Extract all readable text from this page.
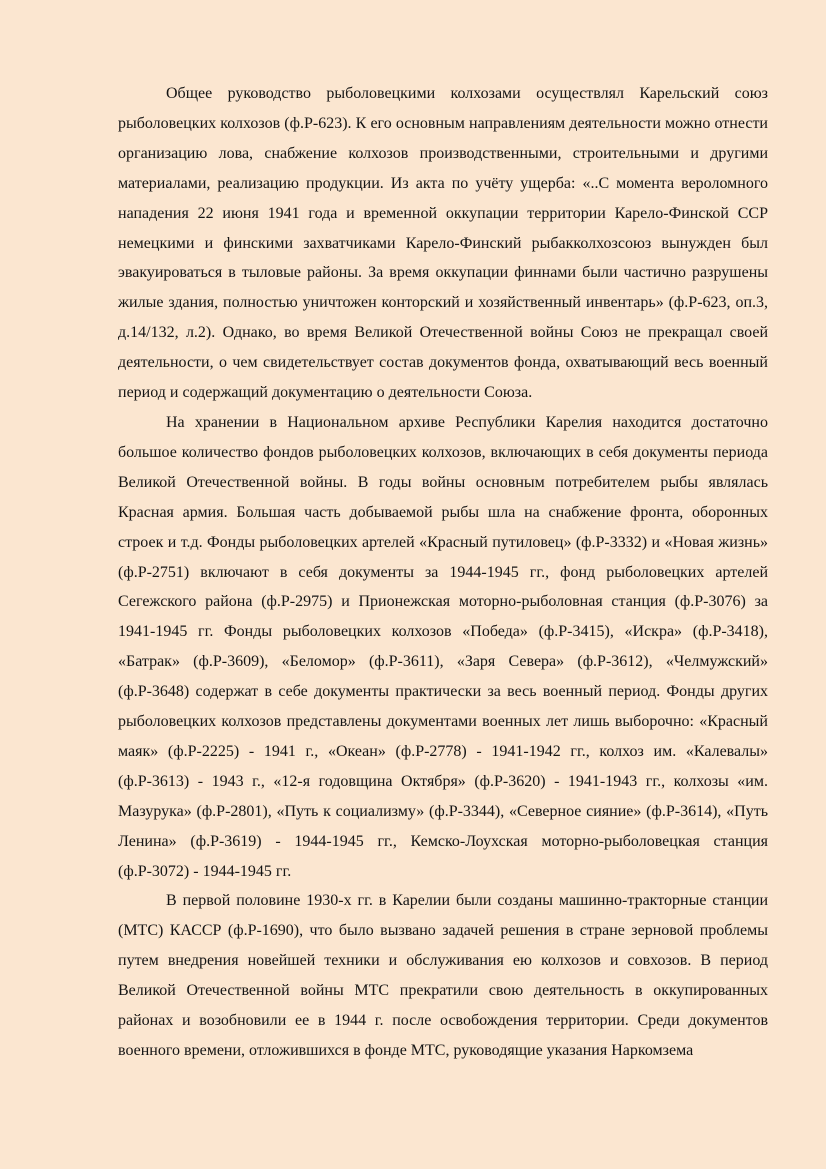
Общее руководство рыболовецкими колхозами осуществлял Карельский союз рыболовецких колхозов (ф.Р-623). К его основным направлениям деятельности можно отнести организацию лова, снабжение колхозов производственными, строительными и другими материалами, реализацию продукции. Из акта по учёту ущерба: «..С момента вероломного нападения 22 июня 1941 года и временной оккупации территории Карело-Финской ССР немецкими и финскими захватчиками Карело-Финский рыбакколхозсоюз вынужден был эвакуироваться в тыловые районы. За время оккупации финнами были частично разрушены жилые здания, полностью уничтожен конторский и хозяйственный инвентарь» (ф.Р-623, оп.3, д.14/132, л.2). Однако, во время Великой Отечественной войны Союз не прекращал своей деятельности, о чем свидетельствует состав документов фонда, охватывающий весь военный период и содержащий документацию о деятельности Союза.

На хранении в Национальном архиве Республики Карелия находится достаточно большое количество фондов рыболовецких колхозов, включающих в себя документы периода Великой Отечественной войны. В годы войны основным потребителем рыбы являлась Красная армия. Большая часть добываемой рыбы шла на снабжение фронта, оборонных строек и т.д. Фонды рыболовецких артелей «Красный путиловец» (ф.Р-3332) и «Новая жизнь» (ф.Р-2751) включают в себя документы за 1944-1945 гг., фонд рыболовецких артелей Сегежского района (ф.Р-2975) и Прионежская моторно-рыболовная станция (ф.Р-3076) за 1941-1945 гг. Фонды рыболовецких колхозов «Победа» (ф.Р-3415), «Искра» (ф.Р-3418), «Батрак» (ф.Р-3609), «Беломор» (ф.Р-3611), «Заря Севера» (ф.Р-3612), «Челмужский» (ф.Р-3648) содержат в себе документы практически за весь военный период. Фонды других рыболовецких колхозов представлены документами военных лет лишь выборочно: «Красный маяк» (ф.Р-2225) - 1941 г., «Океан» (ф.Р-2778) - 1941-1942 гг., колхоз им. «Калевалы» (ф.Р-3613) - 1943 г., «12-я годовщина Октября» (ф.Р-3620) - 1941-1943 гг., колхозы «им. Мазурука» (ф.Р-2801), «Путь к социализму» (ф.Р-3344), «Северное сияние» (ф.Р-3614), «Путь Ленина» (ф.Р-3619) - 1944-1945 гг., Кемско-Лоухская моторно-рыболовецкая станция (ф.Р-3072) - 1944-1945 гг.

В первой половине 1930-х гг. в Карелии были созданы машинно-тракторные станции (МТС) КАССР (ф.Р-1690), что было вызвано задачей решения в стране зерновой проблемы путем внедрения новейшей техники и обслуживания ею колхозов и совхозов. В период Великой Отечественной войны МТС прекратили свою деятельность в оккупированных районах и возобновили ее в 1944 г. после освобождения территории. Среди документов военного времени, отложившихся в фонде МТС, руководящие указания Наркомзема
